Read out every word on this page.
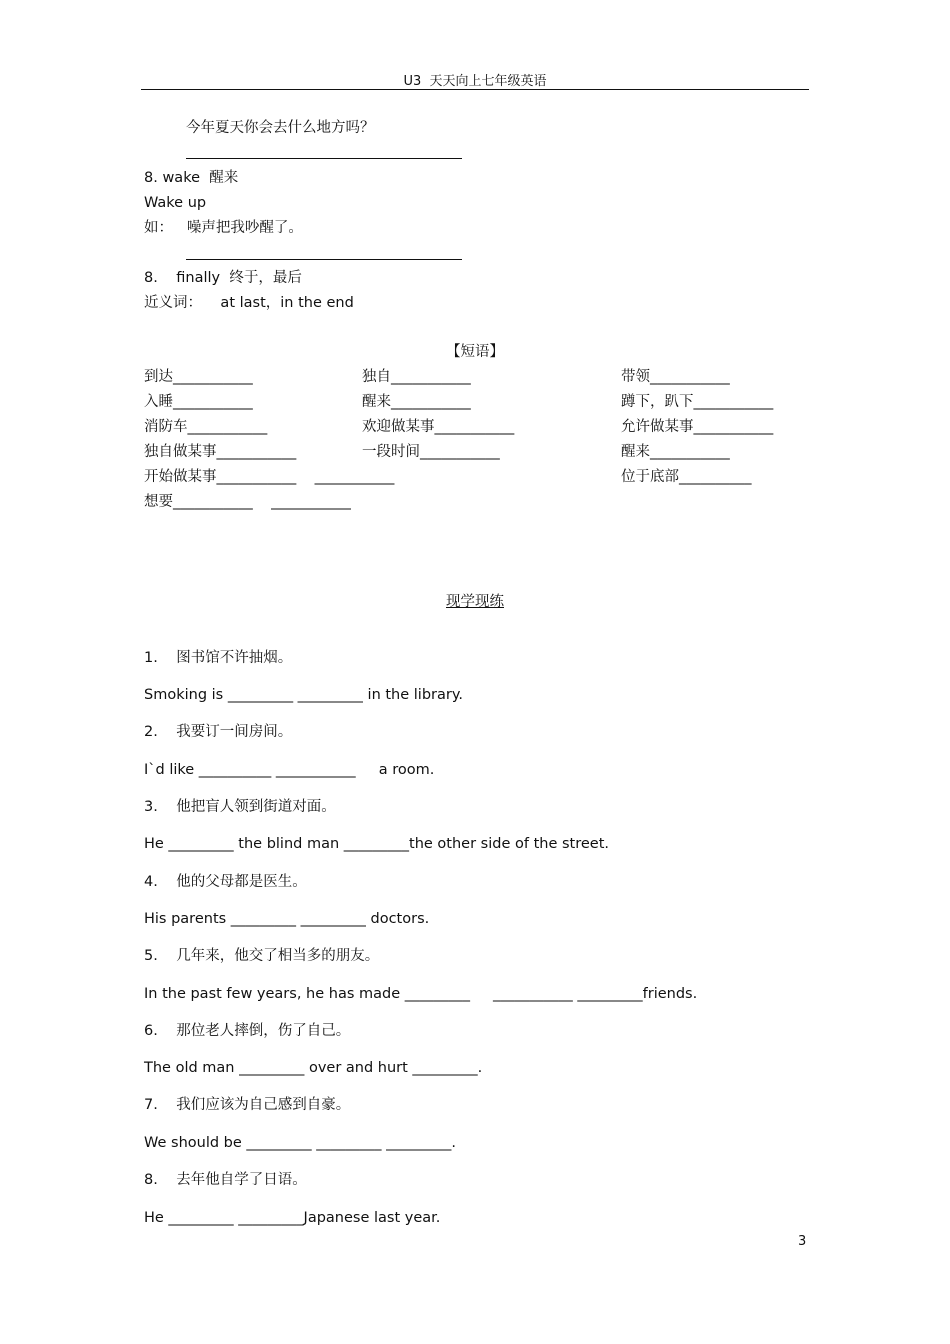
U3  天天向上七年级英语
今年夏天你会去什么地方吗？
8. wake  醒来
Wake up
如：   噪声把我吵醒了。
8.    finally  终于，最后
近义词：    at last，in the end
【短语】
到达___________
入睡___________
消防车___________
独自做某事___________
开始做某事___________    ___________
想要___________    ___________
独自___________
醒来___________
欢迎做某事___________
一段时间___________
带领___________
蹲下，趴下___________
允许做某事___________
醒来___________
位于底部__________
现学现练
1.    图书馆不许抽烟。
Smoking is _________ _________ in the library.
2.    我要订一间房间。
I`d like __________ ___________     a room.
3.    他把盲人领到街道对面。
He _________ the blind man _________the other side of the street.
4.    他的父母都是医生。
His parents _________ _________ doctors.
5.    几年来，他交了相当多的朋友。
In the past few years, he has made _________     ___________ _________friends.
6.    那位老人摔倒，伤了自己。
The old man _________ over and hurt _________.
7.    我们应该为自己感到自豪。
We should be _________ _________ _________.
8.    去年他自学了日语。
He _________ _________Japanese last year.
3
